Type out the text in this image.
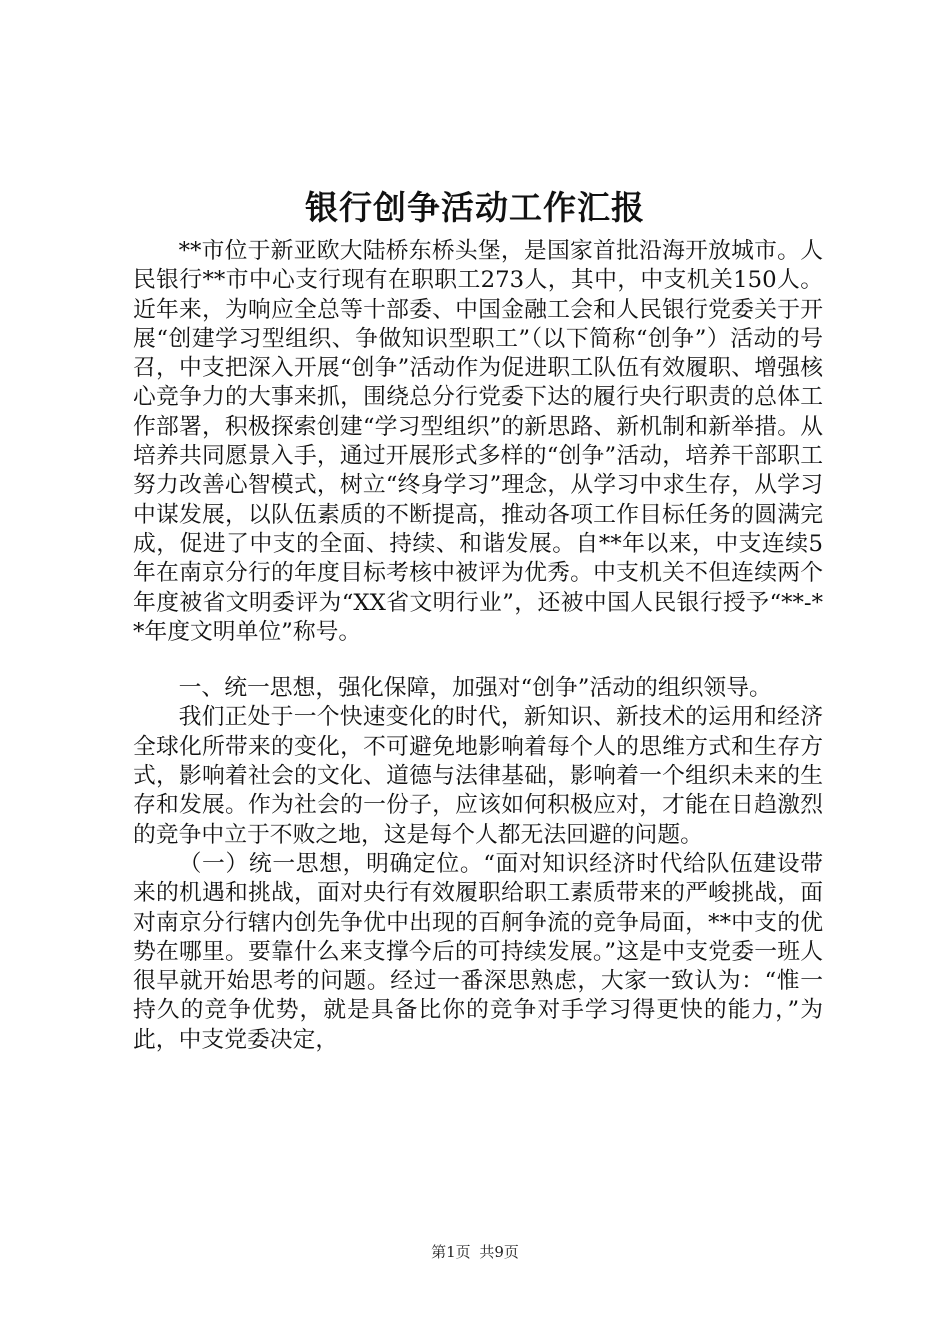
银行创争活动工作汇报

**市位于新亚欧大陆桥东桥头堡，是国家首批沿海开放城市。人民银行**市中心支行现有在职职工273人，其中，中支机关150人。近年来，为响应全总等十部委、中国金融工会和人民银行党委关于开展“创建学习型组织、争做知识型职工”（以下简称“创争”）活动的号召，中支把深入开展“创争”活动作为促进职工队伍有效履职、增强核心竞争力的大事来抓，围绕总分行党委下达的履行央行职责的总体工作部署，积极探索创建“学习型组织”的新思路、新机制和新举措。从培养共同愿景入手，通过开展形式多样的“创争”活动，培养干部职工努力改善心智模式，树立“终身学习”理念，从学习中求生存，从学习中谋发展，以队伍素质的不断提高，推动各项工作目标任务的圆满完成，促进了中支的全面、持续、和谐发展。自**年以来，中支连续5年在南京分行的年度目标考核中被评为优秀。中支机关不但连续两个年度被省文明委评为“XX省文明行业”，还被中国人民银行授予“**-**年度文明单位”称号。

一、统一思想，强化保障，加强对“创争”活动的组织领导。

我们正处于一个快速变化的时代，新知识、新技术的运用和经济全球化所带来的变化，不可避免地影响着每个人的思维方式和生存方式，影响着社会的文化、道德与法律基础，影响着一个组织未来的生存和发展。作为社会的一份子，应该如何积极应对，才能在日趋激烈的竞争中立于不败之地，这是每个人都无法回避的问题。

（一）统一思想，明确定位。“面对知识经济时代给队伍建设带来的机遇和挑战，面对央行有效履职给职工素质带来的严峻挑战，面对南京分行辖内创先争优中出现的百舸争流的竞争局面，**中支的优势在哪里。要靠什么来支撑今后的可持续发展。”这是中支党委一班人很早就开始思考的问题。经过一番深思熟虑，大家一致认为：“惟一持久的竞争优势，就是具备比你的竞争对手学习得更快的能力，”为此，中支党委决定，

第1页 共9页
